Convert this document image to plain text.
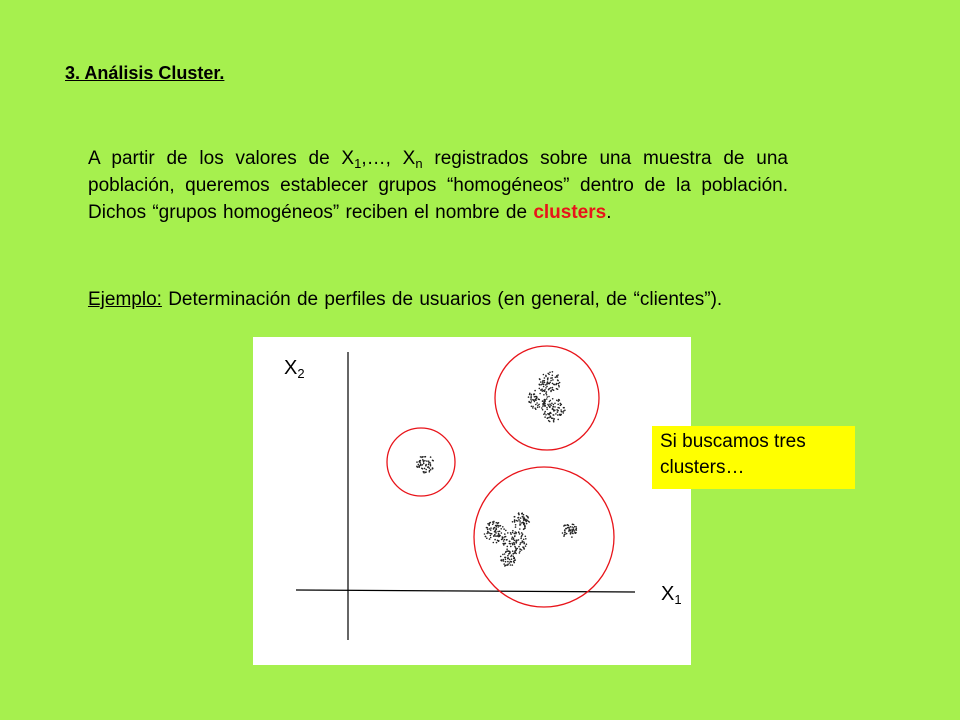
3. Análisis Cluster.
A partir de los valores de $X_1,\dots$, $X_n$ registrados sobre una muestra de una población, queremos establecer grupos “homogéneos” dentro de la población. Dichos “grupos homogéneos” reciben el nombre de clusters.
Ejemplo: Determinación de perfiles de usuarios (en general, de “clientes”).
$X_2$
$X_1$
Si buscamos tres
clusters…
